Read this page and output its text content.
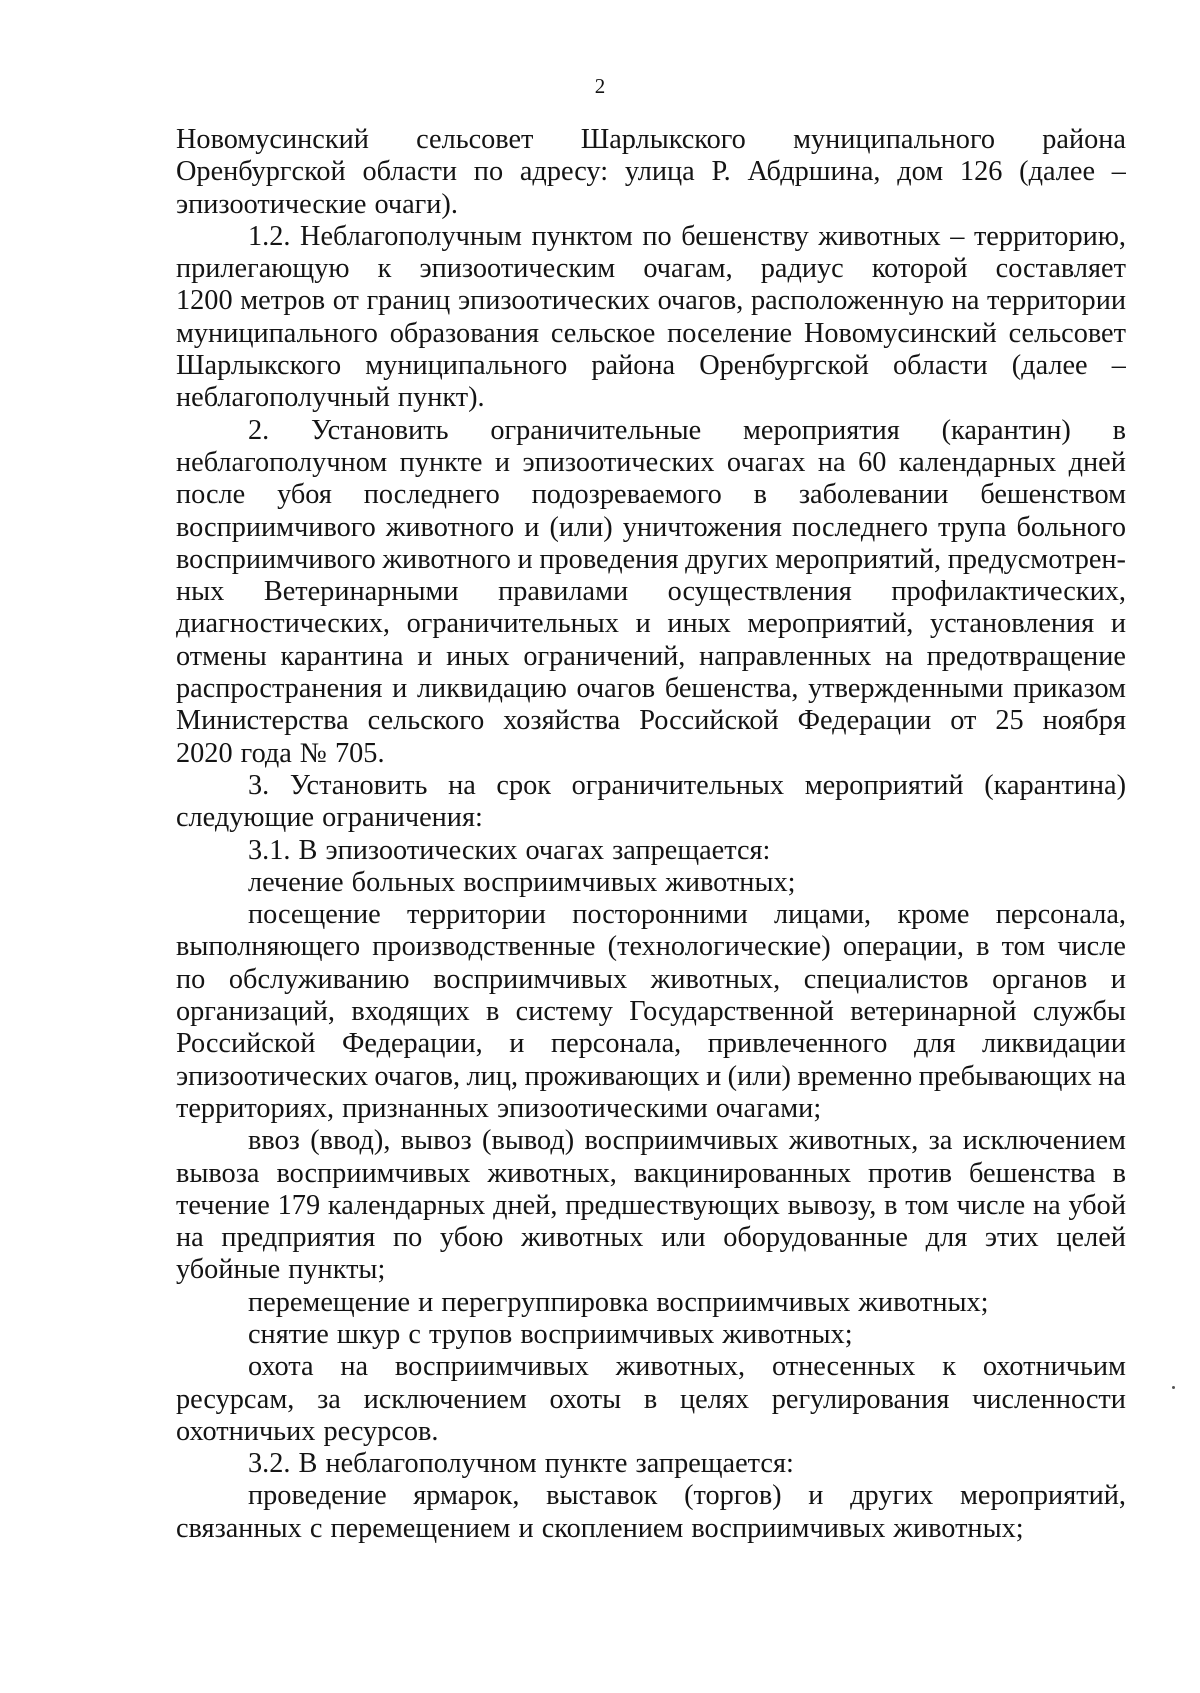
2
Новомусинский сельсовет Шарлыкского муниципального района
Оренбургской области по адресу: улица Р. Абдршина, дом 126 (далее –
эпизоотические очаги).
1.2. Неблагополучным пунктом по бешенству животных – территорию,
прилегающую к эпизоотическим очагам, радиус которой составляет
1200 метров от границ эпизоотических очагов, расположенную на территории
муниципального образования сельское поселение Новомусинский сельсовет
Шарлыкского муниципального района Оренбургской области (далее –
неблагополучный пункт).
2. Установить ограничительные мероприятия (карантин) в
неблагополучном пункте и эпизоотических очагах на 60 календарных дней
после убоя последнего подозреваемого в заболевании бешенством
восприимчивого животного и (или) уничтожения последнего трупа больного
восприимчивого животного и проведения других мероприятий, предусмотрен-
ных Ветеринарными правилами осуществления профилактических,
диагностических, ограничительных и иных мероприятий, установления и
отмены карантина и иных ограничений, направленных на предотвращение
распространения и ликвидацию очагов бешенства, утвержденными приказом
Министерства сельского хозяйства Российской Федерации от 25 ноября
2020 года № 705.
3. Установить на срок ограничительных мероприятий (карантина)
следующие ограничения:
3.1. В эпизоотических очагах запрещается:
лечение больных восприимчивых животных;
посещение территории посторонними лицами, кроме персонала,
выполняющего производственные (технологические) операции, в том числе
по обслуживанию восприимчивых животных, специалистов органов и
организаций, входящих в систему Государственной ветеринарной службы
Российской Федерации, и персонала, привлеченного для ликвидации
эпизоотических очагов, лиц, проживающих и (или) временно пребывающих на
территориях, признанных эпизоотическими очагами;
ввоз (ввод), вывоз (вывод) восприимчивых животных, за исключением
вывоза восприимчивых животных, вакцинированных против бешенства в
течение 179 календарных дней, предшествующих вывозу, в том числе на убой
на предприятия по убою животных или оборудованные для этих целей
убойные пункты;
перемещение и перегруппировка восприимчивых животных;
снятие шкур с трупов восприимчивых животных;
охота на восприимчивых животных, отнесенных к охотничьим
ресурсам, за исключением охоты в целях регулирования численности
охотничьих ресурсов.
3.2. В неблагополучном пункте запрещается:
проведение ярмарок, выставок (торгов) и других мероприятий,
связанных с перемещением и скоплением восприимчивых животных;
